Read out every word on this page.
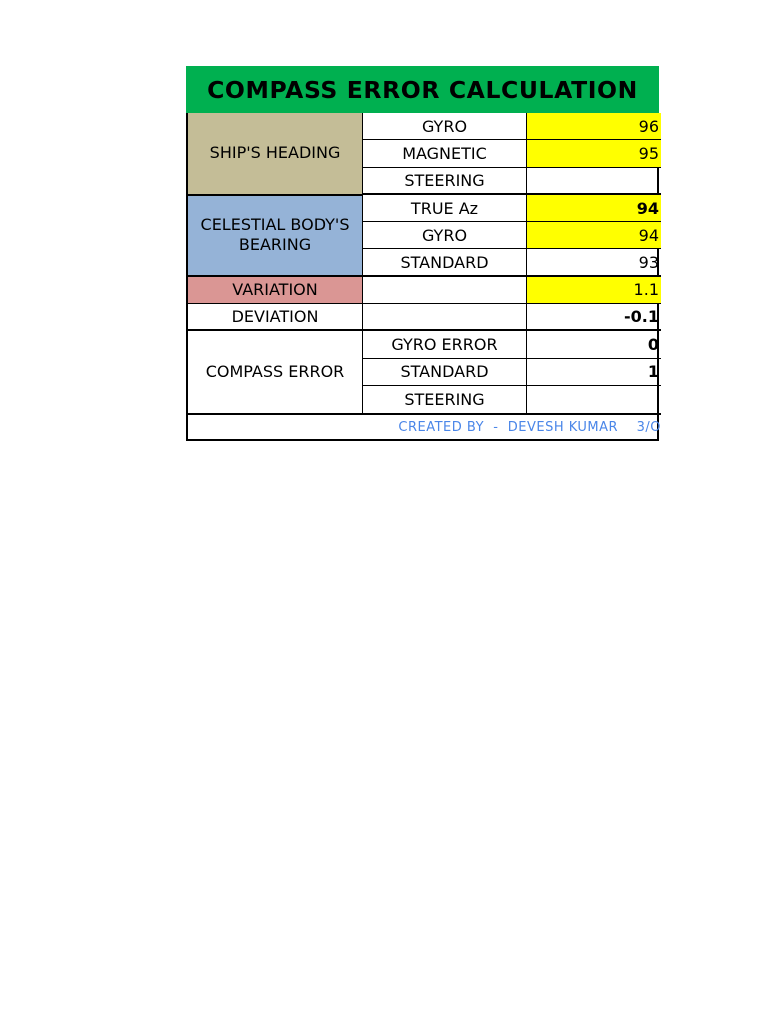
COMPASS ERROR CALCULATION
SHIP'S HEADING
GYRO	96
MAGNETIC	95
STEERING
CELESTIAL BODY'S
BEARING
TRUE Az	94
GYRO	94
STANDARD	93
VARIATION	1.1
DEVIATION	-0.1
COMPASS ERROR
GYRO ERROR	0
STANDARD	1
STEERING
CREATED BY  -  DEVESH KUMAR    3/O
